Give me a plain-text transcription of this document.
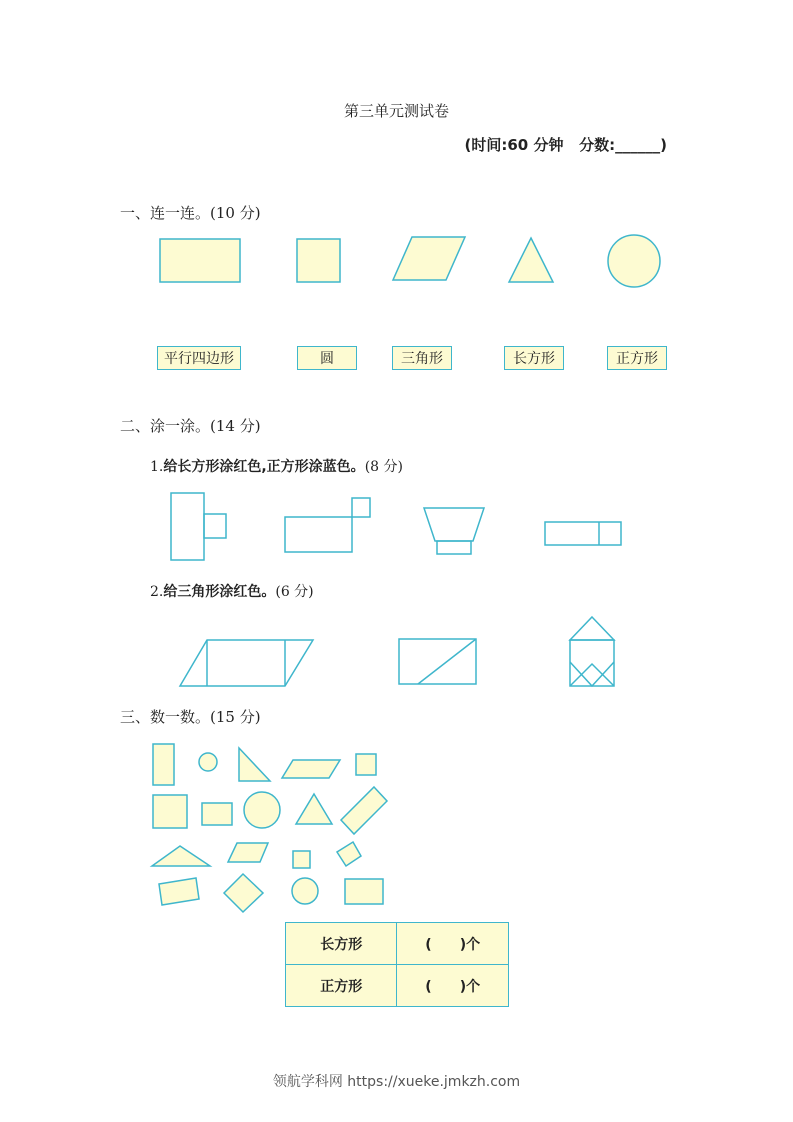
第三单元测试卷
(时间:60 分钟 分数:______)
一、连一连。(10 分)
平行四边形	圆	三角形	长方形	正方形
二、涂一涂。(14 分)
1.给长方形涂红色,正方形涂蓝色。(8 分)
2.给三角形涂红色。(6 分)
三、数一数。(15 分)
长方形	(　　)个
正方形	(　　)个
领航学科网 https://xueke.jmkzh.com
